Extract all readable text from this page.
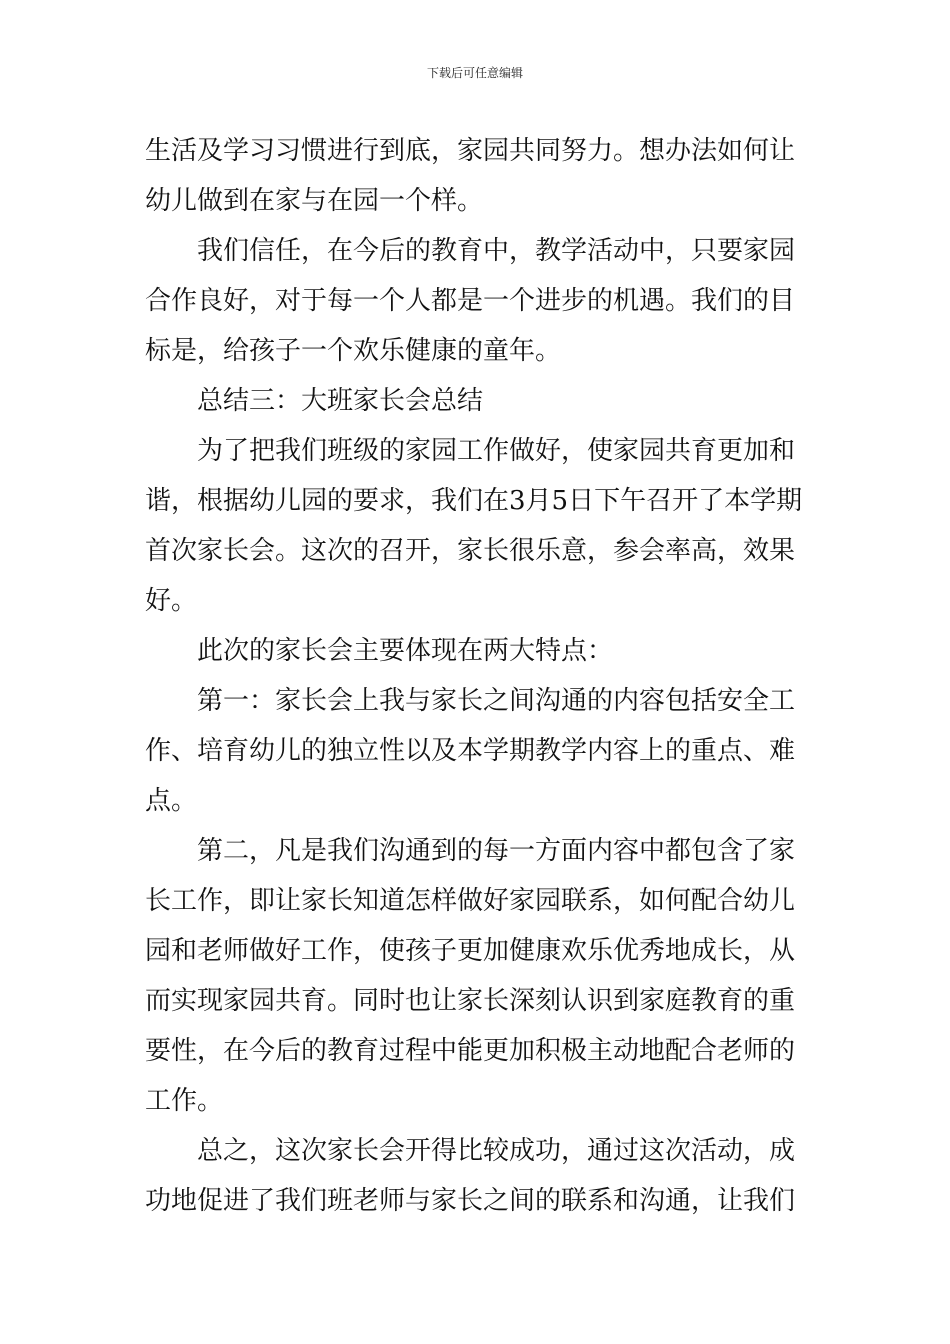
下载后可任意编辑
生活及学习习惯进行到底，家园共同努力。想办法如何让
幼儿做到在家与在园一个样。
我们信任，在今后的教育中，教学活动中，只要家园
合作良好，对于每一个人都是一个进步的机遇。我们的目
标是，给孩子一个欢乐健康的童年。
总结三：大班家长会总结
为了把我们班级的家园工作做好，使家园共育更加和
谐，根据幼儿园的要求，我们在3月5日下午召开了本学期
首次家长会。这次的召开，家长很乐意，参会率高，效果
好。
此次的家长会主要体现在两大特点：
第一：家长会上我与家长之间沟通的内容包括安全工
作、培育幼儿的独立性以及本学期教学内容上的重点、难
点。
第二，凡是我们沟通到的每一方面内容中都包含了家
长工作，即让家长知道怎样做好家园联系，如何配合幼儿
园和老师做好工作，使孩子更加健康欢乐优秀地成长，从
而实现家园共育。同时也让家长深刻认识到家庭教育的重
要性，在今后的教育过程中能更加积极主动地配合老师的
工作。
总之，这次家长会开得比较成功，通过这次活动，成
功地促进了我们班老师与家长之间的联系和沟通，让我们
